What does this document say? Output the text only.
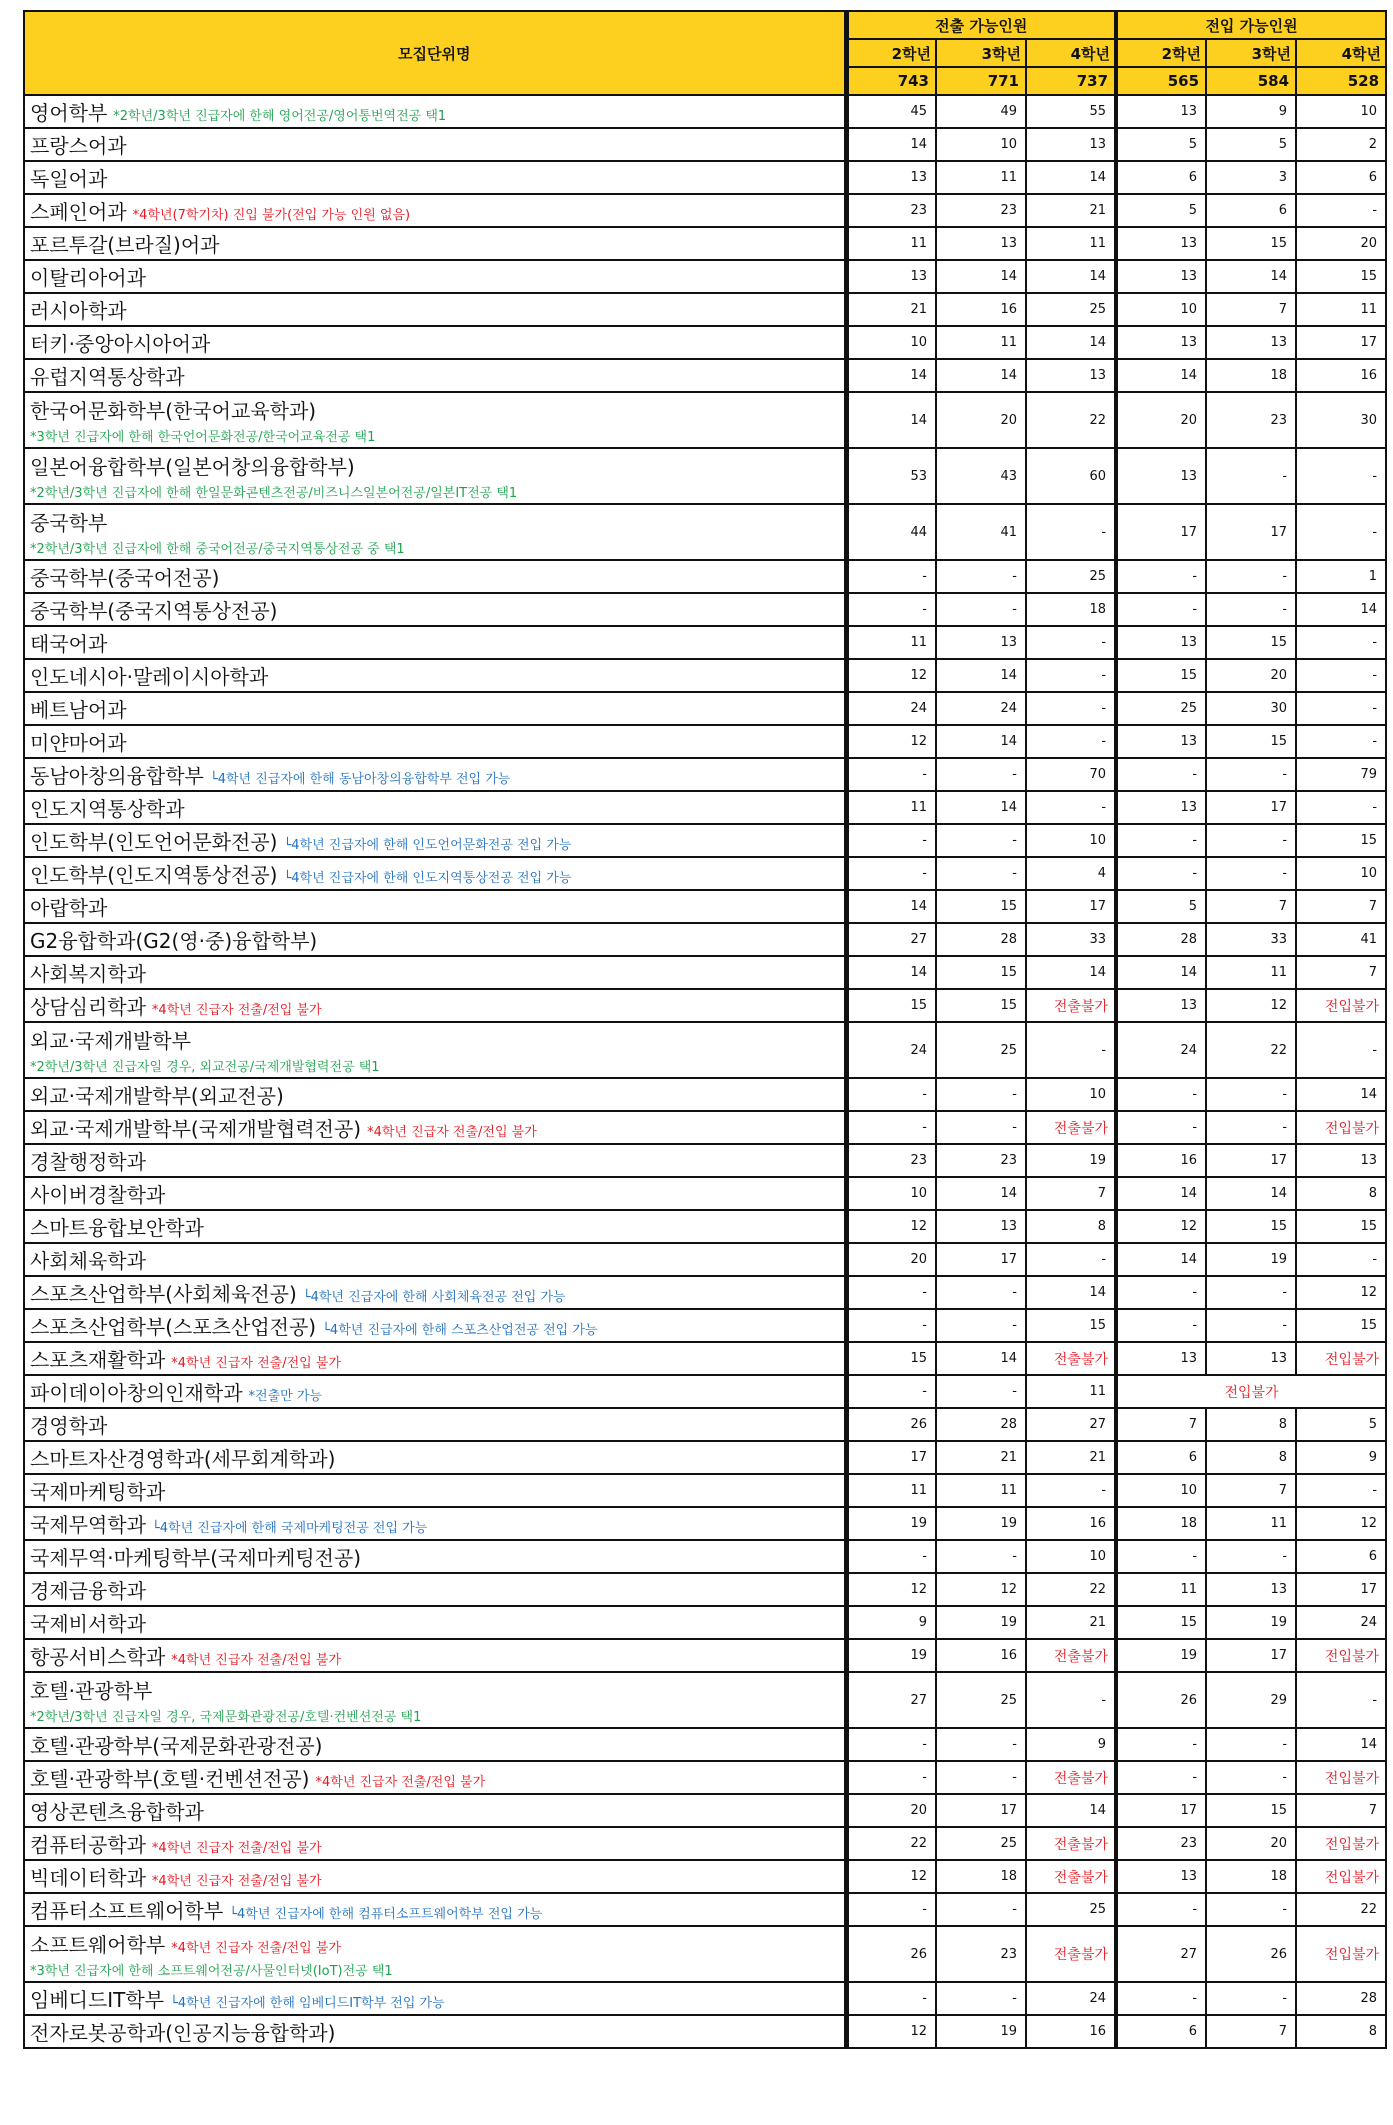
모집단위명	전출 가능인원			전입 가능인원		
	2학년	3학년	4학년	2학년	3학년	4학년
	743	771	737	565	584	528
영어학부 *2학년/3학년 진급자에 한해 영어전공/영어통번역전공 택1	45	49	55	13	9	10
프랑스어과	14	10	13	5	5	2
독일어과	13	11	14	6	3	6
스페인어과 *4학년(7학기차) 진입 불가(전입 가능 인원 없음)	23	23	21	5	6	-
포르투갈(브라질)어과	11	13	11	13	15	20
이탈리아어과	13	14	14	13	14	15
러시아학과	21	16	25	10	7	11
터키·중앙아시아어과	10	11	14	13	13	17
유럽지역통상학과	14	14	13	14	18	16
한국어문화학부(한국어교육학과)
*3학년 진급자에 한해 한국언어문화전공/한국어교육전공 택1	14	20	22	20	23	30
일본어융합학부(일본어창의융합학부)
*2학년/3학년 진급자에 한해 한일문화콘텐츠전공/비즈니스일본어전공/일본IT전공 택1	53	43	60	13	-	-
중국학부
*2학년/3학년 진급자에 한해 중국어전공/중국지역통상전공 중 택1	44	41	-	17	17	-
중국학부(중국어전공)	-	-	25	-	-	1
중국학부(중국지역통상전공)	-	-	18	-	-	14
태국어과	11	13	-	13	15	-
인도네시아·말레이시아학과	12	14	-	15	20	-
베트남어과	24	24	-	25	30	-
미얀마어과	12	14	-	13	15	-
동남아창의융합학부 └4학년 진급자에 한해 동남아창의융합학부 전입 가능	-	-	70	-	-	79
인도지역통상학과	11	14	-	13	17	-
인도학부(인도언어문화전공) └4학년 진급자에 한해 인도언어문화전공 전입 가능	-	-	10	-	-	15
인도학부(인도지역통상전공) └4학년 진급자에 한해 인도지역통상전공 전입 가능	-	-	4	-	-	10
아랍학과	14	15	17	5	7	7
G2융합학과(G2(영·중)융합학부)	27	28	33	28	33	41
사회복지학과	14	15	14	14	11	7
상담심리학과 *4학년 진급자 전출/전입 불가	15	15	전출불가	13	12	전입불가
외교·국제개발학부
*2학년/3학년 진급자일 경우, 외교전공/국제개발협력전공 택1	24	25	-	24	22	-
외교·국제개발학부(외교전공)	-	-	10	-	-	14
외교·국제개발학부(국제개발협력전공) *4학년 진급자 전출/전입 불가	-	-	전출불가	-	-	전입불가
경찰행정학과	23	23	19	16	17	13
사이버경찰학과	10	14	7	14	14	8
스마트융합보안학과	12	13	8	12	15	15
사회체육학과	20	17	-	14	19	-
스포츠산업학부(사회체육전공) └4학년 진급자에 한해 사회체육전공 전입 가능	-	-	14	-	-	12
스포츠산업학부(스포츠산업전공) └4학년 진급자에 한해 스포츠산업전공 전입 가능	-	-	15	-	-	15
스포츠재활학과 *4학년 진급자 전출/전입 불가	15	14	전출불가	13	13	전입불가
파이데이아창의인재학과 *전출만 가능	-	-	11	전입불가		
경영학과	26	28	27	7	8	5
스마트자산경영학과(세무회계학과)	17	21	21	6	8	9
국제마케팅학과	11	11	-	10	7	-
국제무역학과 └4학년 진급자에 한해 국제마케팅전공 전입 가능	19	19	16	18	11	12
국제무역·마케팅학부(국제마케팅전공)	-	-	10	-	-	6
경제금융학과	12	12	22	11	13	17
국제비서학과	9	19	21	15	19	24
항공서비스학과 *4학년 진급자 전출/전입 불가	19	16	전출불가	19	17	전입불가
호텔·관광학부
*2학년/3학년 진급자일 경우, 국제문화관광전공/호텔·컨벤션전공 택1	27	25	-	26	29	-
호텔·관광학부(국제문화관광전공)	-	-	9	-	-	14
호텔·관광학부(호텔·컨벤션전공) *4학년 진급자 전출/전입 불가	-	-	전출불가	-	-	전입불가
영상콘텐츠융합학과	20	17	14	17	15	7
컴퓨터공학과 *4학년 진급자 전출/전입 불가	22	25	전출불가	23	20	전입불가
빅데이터학과 *4학년 진급자 전출/전입 불가	12	18	전출불가	13	18	전입불가
컴퓨터소프트웨어학부 └4학년 진급자에 한해 컴퓨터소프트웨어학부 전입 가능	-	-	25	-	-	22
소프트웨어학부 *4학년 진급자 전출/전입 불가
*3학년 진급자에 한해 소프트웨어전공/사물인터넷(IoT)전공 택1	26	23	전출불가	27	26	전입불가
임베디드IT학부 └4학년 진급자에 한해 임베디드IT학부 전입 가능	-	-	24	-	-	28
전자로봇공학과(인공지능융합학과)	12	19	16	6	7	8
